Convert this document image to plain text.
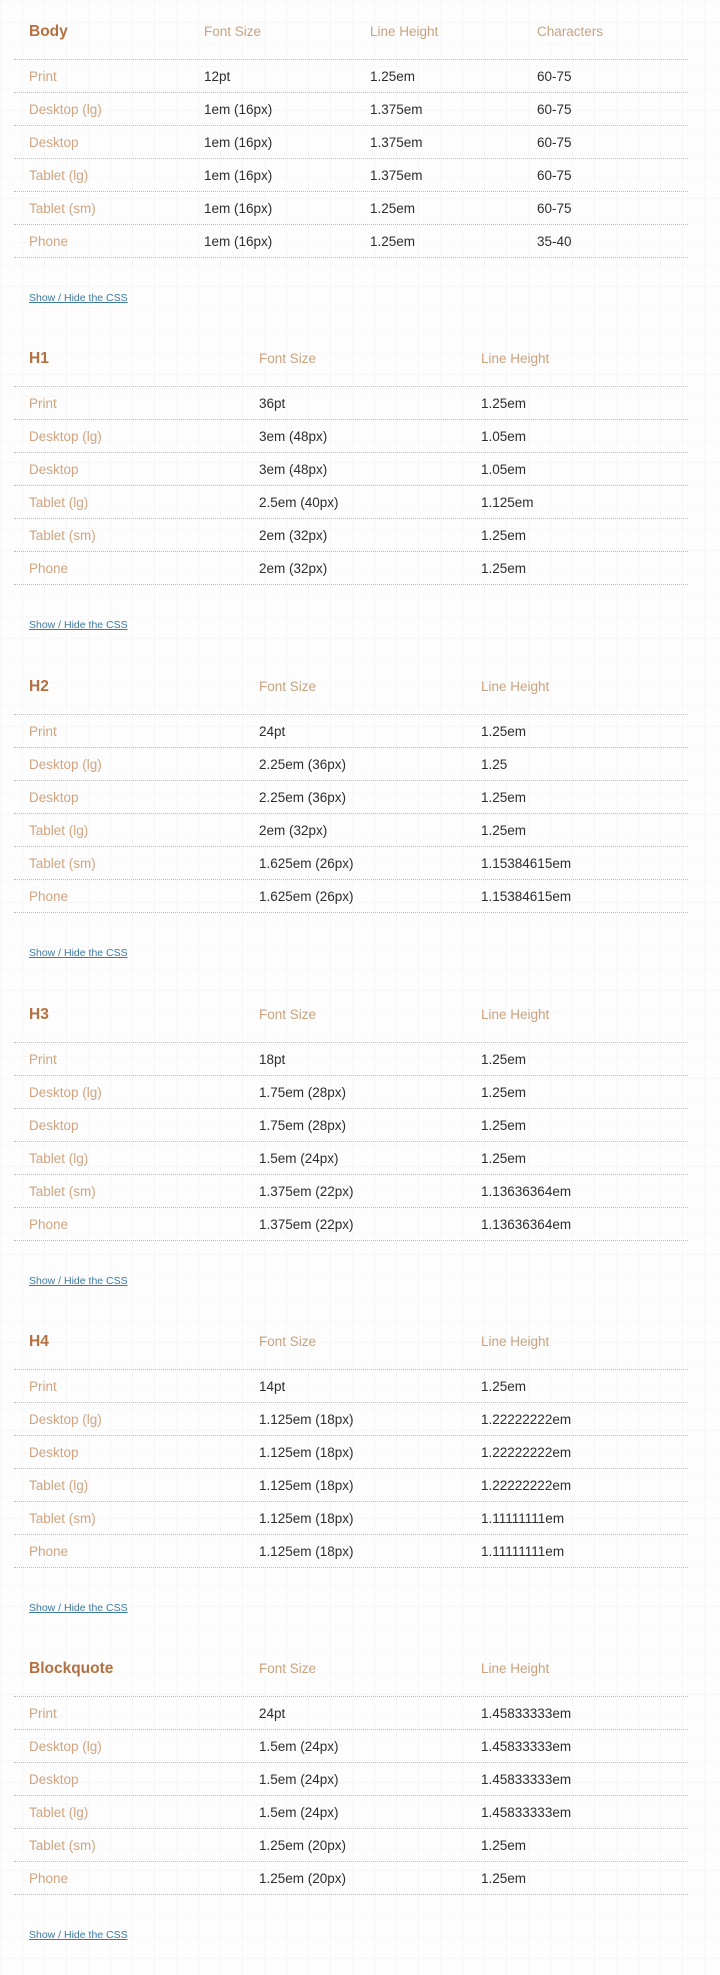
Body	Font Size	Line Height	Characters
Print	12pt	1.25em	60-75
Desktop (lg)	1em (16px)	1.375em	60-75
Desktop	1em (16px)	1.375em	60-75
Tablet (lg)	1em (16px)	1.375em	60-75
Tablet (sm)	1em (16px)	1.25em	60-75
Phone	1em (16px)	1.25em	35-40
Show / Hide the CSS
H1	Font Size	Line Height
Print	36pt	1.25em
Desktop (lg)	3em (48px)	1.05em
Desktop	3em (48px)	1.05em
Tablet (lg)	2.5em (40px)	1.125em
Tablet (sm)	2em (32px)	1.25em
Phone	2em (32px)	1.25em
Show / Hide the CSS
H2	Font Size	Line Height
Print	24pt	1.25em
Desktop (lg)	2.25em (36px)	1.25
Desktop	2.25em (36px)	1.25em
Tablet (lg)	2em (32px)	1.25em
Tablet (sm)	1.625em (26px)	1.15384615em
Phone	1.625em (26px)	1.15384615em
Show / Hide the CSS
H3	Font Size	Line Height
Print	18pt	1.25em
Desktop (lg)	1.75em (28px)	1.25em
Desktop	1.75em (28px)	1.25em
Tablet (lg)	1.5em (24px)	1.25em
Tablet (sm)	1.375em (22px)	1.13636364em
Phone	1.375em (22px)	1.13636364em
Show / Hide the CSS
H4	Font Size	Line Height
Print	14pt	1.25em
Desktop (lg)	1.125em (18px)	1.22222222em
Desktop	1.125em (18px)	1.22222222em
Tablet (lg)	1.125em (18px)	1.22222222em
Tablet (sm)	1.125em (18px)	1.11111111em
Phone	1.125em (18px)	1.11111111em
Show / Hide the CSS
Blockquote	Font Size	Line Height
Print	24pt	1.45833333em
Desktop (lg)	1.5em (24px)	1.45833333em
Desktop	1.5em (24px)	1.45833333em
Tablet (lg)	1.5em (24px)	1.45833333em
Tablet (sm)	1.25em (20px)	1.25em
Phone	1.25em (20px)	1.25em
Show / Hide the CSS
